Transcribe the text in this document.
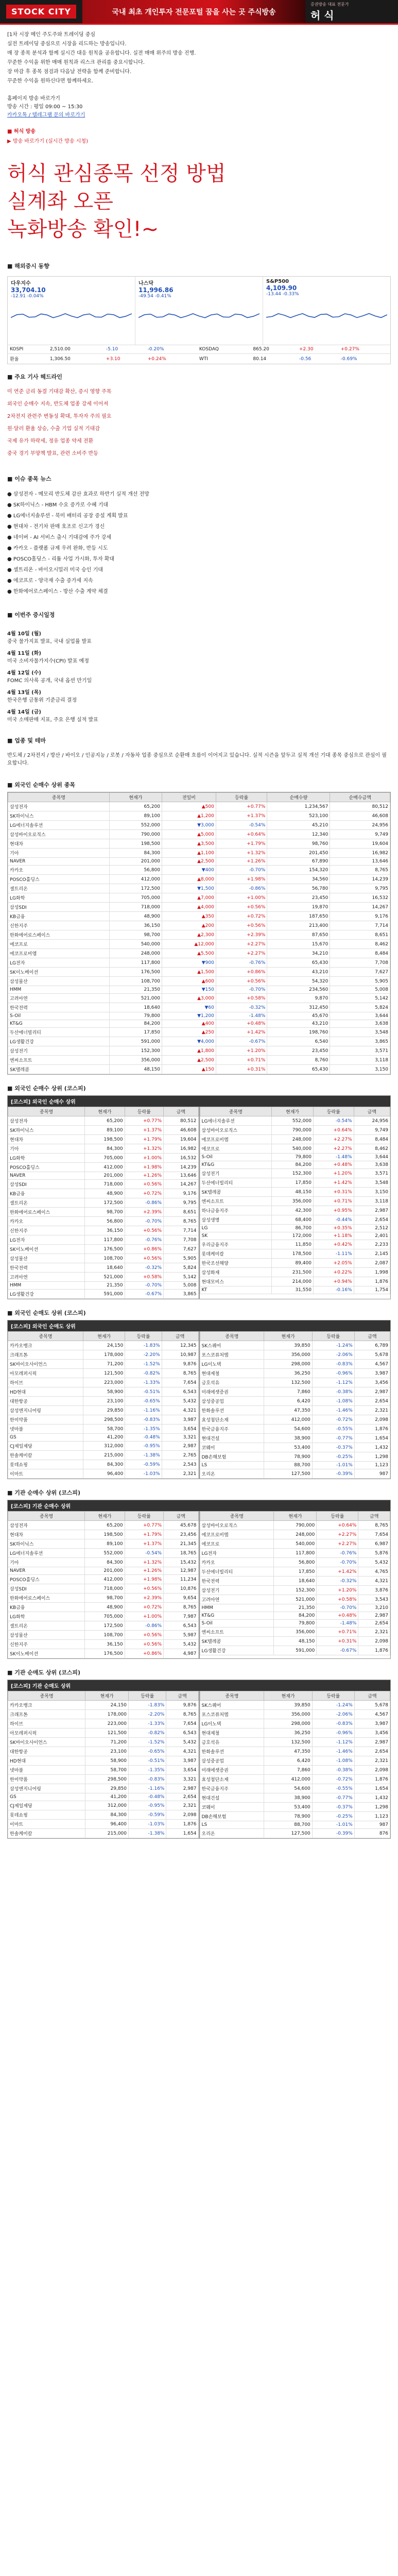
STOCK CITY	국내 최초 개인투자 전문포털 꿈을 사는 곳 주식방송
증권방송 대표 전문가
허 식

[1차 시장 메인 주도주와 트레이딩 중심

실전 트레이딩 중심으로 시장을 리드하는 방송입니다.

매 장 종목 분석과 함께 실시간 대응 원칙을 공유합니다. 실전 매매 위주의 방송 진행.

꾸준한 수익을 위한 매매 원칙과 리스크 관리를 중요시합니다.

장 마감 후 종목 점검과 다음날 전략을 함께 준비합니다.

꾸준한 수익을 원하신다면 함께하세요.

홈페이지 방송 바로가기

방송 시간 : 평일 09:00 ~ 15:30

카카오톡 / 텔레그램 문의 바로가기
■ 허식 방송
▶ 방송 바로가기 (실시간 방송 시청)
허식 관심종목 선정 방법
실계좌 오픈
녹화방송 확인!~
■ 해외증시 동향
다우지수
33,704.10
-12.91 -0.04%
나스닥
11,996.86
-49.54 -0.41%
S&P500
4,109.90
-13.44 -0.33%
KOSPI	2,510.00	-5.10	-0.20%	KOSDAQ	865.20	+2.30	+0.27%
환율	1,306.50	+3.10	+0.24%	WTI	80.14	-0.56	-0.69%
■ 주요 기사 헤드라인

미 연준 금리 동결 기대감 확산, 증시 영향 주목

외국인 순매수 지속, 반도체 업종 강세 이어져

2차전지 관련주 변동성 확대, 투자자 주의 필요

원·달러 환율 상승, 수출 기업 실적 기대감

국제 유가 하락세, 정유 업종 약세 전환

중국 경기 부양책 발표, 관련 소비주 반등

■ 이슈 종목 뉴스

● 삼성전자 - 메모리 반도체 감산 효과로 하반기 실적 개선 전망

● SK하이닉스 - HBM 수요 증가로 수혜 기대

● LG에너지솔루션 - 북미 배터리 공장 증설 계획 발표

● 현대차 - 전기차 판매 호조로 신고가 경신

● 네이버 - AI 서비스 출시 기대감에 주가 강세

● 카카오 - 플랫폼 규제 우려 완화, 반등 시도

● POSCO홀딩스 - 리튬 사업 가시화, 투자 확대

● 셀트리온 - 바이오시밀러 미국 승인 기대

● 에코프로 - 양극재 수출 증가세 지속

● 한화에어로스페이스 - 방산 수출 계약 체결

■ 이번주 증시일정
4월 10일 (월)
중국 물가지표 발표, 국내 실업률 발표
4월 11일 (화)
미국 소비자물가지수(CPI) 발표 예정
4월 12일 (수)
FOMC 의사록 공개, 국내 옵션 만기일
4월 13일 (목)
한국은행 금통위 기준금리 결정
4월 14일 (금)
미국 소매판매 지표, 주요 은행 실적 발표
■ 업종 및 테마
반도체 / 2차전지 / 방산 / 바이오 / 인공지능 / 로봇 / 자동차 업종 중심으로 순환매 흐름이 이어지고 있습니다. 실적 시즌을 앞두고 실적 개선 기대 종목 중심으로 관심이 필요합니다.
■ 외국인 순매수 상위 종목
종목명	현재가	전일비	등락률	순매수량	순매수금액
삼성전자	65,200	▲500	+0.77%	1,234,567	80,512
SK하이닉스	89,100	▲1,200	+1.37%	523,100	46,608
LG에너지솔루션	552,000	▼3,000	-0.54%	45,210	24,956
삼성바이오로직스	790,000	▲5,000	+0.64%	12,340	9,749
현대차	198,500	▲3,500	+1.79%	98,760	19,604
기아	84,300	▲1,100	+1.32%	201,450	16,982
NAVER	201,000	▲2,500	+1.26%	67,890	13,646
카카오	56,800	▼400	-0.70%	154,320	8,765
POSCO홀딩스	412,000	▲8,000	+1.98%	34,560	14,239
셀트리온	172,500	▼1,500	-0.86%	56,780	9,795
LG화학	705,000	▲7,000	+1.00%	23,450	16,532
삼성SDI	718,000	▲4,000	+0.56%	19,870	14,267
KB금융	48,900	▲350	+0.72%	187,650	9,176
신한지주	36,150	▲200	+0.56%	213,400	7,714
한화에어로스페이스	98,700	▲2,300	+2.39%	87,650	8,651
에코프로	540,000	▲12,000	+2.27%	15,670	8,462
에코프로비엠	248,000	▲5,500	+2.27%	34,210	8,484
LG전자	117,800	▼900	-0.76%	65,430	7,708
SK이노베이션	176,500	▲1,500	+0.86%	43,210	7,627
삼성물산	108,700	▲600	+0.56%	54,320	5,905
HMM	21,350	▼150	-0.70%	234,560	5,008
고려아연	521,000	▲3,000	+0.58%	9,870	5,142
한국전력	18,640	▼60	-0.32%	312,450	5,824
S-Oil	79,800	▼1,200	-1.48%	45,670	3,644
KT&G	84,200	▲400	+0.48%	43,210	3,638
두산에너빌리티	17,850	▲250	+1.42%	198,760	3,548
LG생활건강	591,000	▼4,000	-0.67%	6,540	3,865
삼성전기	152,300	▲1,800	+1.20%	23,450	3,571
엔씨소프트	356,000	▲2,500	+0.71%	8,760	3,118
SK텔레콤	48,150	▲150	+0.31%	65,430	3,150
■ 외국인 순매수 상위 (코스피)
[코스피] 외국인 순매수 상위
종목명	현재가	등락률	금액
삼성전자	65,200	+0.77%	80,512
SK하이닉스	89,100	+1.37%	46,608
현대차	198,500	+1.79%	19,604
기아	84,300	+1.32%	16,982
LG화학	705,000	+1.00%	16,532
POSCO홀딩스	412,000	+1.98%	14,239
NAVER	201,000	+1.26%	13,646
삼성SDI	718,000	+0.56%	14,267
KB금융	48,900	+0.72%	9,176
셀트리온	172,500	-0.86%	9,795
한화에어로스페이스	98,700	+2.39%	8,651
카카오	56,800	-0.70%	8,765
신한지주	36,150	+0.56%	7,714
LG전자	117,800	-0.76%	7,708
SK이노베이션	176,500	+0.86%	7,627
삼성물산	108,700	+0.56%	5,905
한국전력	18,640	-0.32%	5,824
고려아연	521,000	+0.58%	5,142
HMM	21,350	-0.70%	5,008
LG생활건강	591,000	-0.67%	3,865
종목명	현재가	등락률	금액
LG에너지솔루션	552,000	-0.54%	24,956
삼성바이오로직스	790,000	+0.64%	9,749
에코프로비엠	248,000	+2.27%	8,484
에코프로	540,000	+2.27%	8,462
S-Oil	79,800	-1.48%	3,644
KT&G	84,200	+0.48%	3,638
삼성전기	152,300	+1.20%	3,571
두산에너빌리티	17,850	+1.42%	3,548
SK텔레콤	48,150	+0.31%	3,150
엔씨소프트	356,000	+0.71%	3,118
하나금융지주	42,300	+0.95%	2,987
삼성생명	68,400	-0.44%	2,654
LG	86,700	+0.35%	2,512
SK	172,000	+1.18%	2,401
우리금융지주	11,850	+0.42%	2,233
롯데케미칼	178,500	-1.11%	2,145
한국조선해양	89,400	+2.05%	2,087
삼성화재	231,500	+0.22%	1,998
현대모비스	214,000	+0.94%	1,876
KT	31,550	-0.16%	1,754
■ 외국인 순매도 상위 (코스피)
[코스피] 외국인 순매도 상위
종목명	현재가	등락률	금액
카카오뱅크	24,150	-1.83%	12,345
크래프톤	178,000	-2.20%	10,987
SK바이오사이언스	71,200	-1.52%	9,876
아모레퍼시픽	121,500	-0.82%	8,765
하이브	223,000	-1.33%	7,654
HD현대	58,900	-0.51%	6,543
대한항공	23,100	-0.65%	5,432
삼성엔지니어링	29,850	-1.16%	4,321
한미약품	298,500	-0.83%	3,987
넷마블	58,700	-1.35%	3,654
GS	41,200	-0.48%	3,321
CJ제일제당	312,000	-0.95%	2,987
한솔케미칼	215,000	-1.38%	2,765
롯데쇼핑	84,300	-0.59%	2,543
이마트	96,400	-1.03%	2,321
종목명	현재가	등락률	금액
SK스퀘어	39,850	-1.24%	6,789
포스코퓨처엠	356,000	-2.06%	5,678
LG이노텍	298,000	-0.83%	4,567
현대제철	36,250	-0.96%	3,987
금호석유	132,500	-1.12%	3,456
미래에셋증권	7,860	-0.38%	2,987
삼성중공업	6,420	-1.08%	2,654
한화솔루션	47,350	-1.46%	2,321
효성첨단소재	412,000	-0.72%	2,098
한국금융지주	54,600	-0.55%	1,876
현대건설	38,900	-0.77%	1,654
코웨이	53,400	-0.37%	1,432
DB손해보험	78,900	-0.25%	1,298
LS	88,700	-1.01%	1,123
오리온	127,500	-0.39%	987
■ 기관 순매수 상위 (코스피)
[코스피] 기관 순매수 상위
종목명	현재가	등락률	금액
삼성전자	65,200	+0.77%	45,678
현대차	198,500	+1.79%	23,456
SK하이닉스	89,100	+1.37%	21,345
LG에너지솔루션	552,000	-0.54%	18,765
기아	84,300	+1.32%	15,432
NAVER	201,000	+1.26%	12,987
POSCO홀딩스	412,000	+1.98%	11,234
삼성SDI	718,000	+0.56%	10,876
한화에어로스페이스	98,700	+2.39%	9,654
KB금융	48,900	+0.72%	8,765
LG화학	705,000	+1.00%	7,987
셀트리온	172,500	-0.86%	6,543
삼성물산	108,700	+0.56%	5,987
신한지주	36,150	+0.56%	5,432
SK이노베이션	176,500	+0.86%	4,987
종목명	현재가	등락률	금액
삼성바이오로직스	790,000	+0.64%	8,765
에코프로비엠	248,000	+2.27%	7,654
에코프로	540,000	+2.27%	6,987
LG전자	117,800	-0.76%	5,876
카카오	56,800	-0.70%	5,432
두산에너빌리티	17,850	+1.42%	4,765
한국전력	18,640	-0.32%	4,321
삼성전기	152,300	+1.20%	3,876
고려아연	521,000	+0.58%	3,543
HMM	21,350	-0.70%	3,210
KT&G	84,200	+0.48%	2,987
S-Oil	79,800	-1.48%	2,654
엔씨소프트	356,000	+0.71%	2,321
SK텔레콤	48,150	+0.31%	2,098
LG생활건강	591,000	-0.67%	1,876
■ 기관 순매도 상위 (코스피)
[코스피] 기관 순매도 상위
종목명	현재가	등락률	금액
카카오뱅크	24,150	-1.83%	9,876
크래프톤	178,000	-2.20%	8,765
하이브	223,000	-1.33%	7,654
아모레퍼시픽	121,500	-0.82%	6,543
SK바이오사이언스	71,200	-1.52%	5,432
대한항공	23,100	-0.65%	4,321
HD현대	58,900	-0.51%	3,987
넷마블	58,700	-1.35%	3,654
한미약품	298,500	-0.83%	3,321
삼성엔지니어링	29,850	-1.16%	2,987
GS	41,200	-0.48%	2,654
CJ제일제당	312,000	-0.95%	2,321
롯데쇼핑	84,300	-0.59%	2,098
이마트	96,400	-1.03%	1,876
한솔케미칼	215,000	-1.38%	1,654
종목명	현재가	등락률	금액
SK스퀘어	39,850	-1.24%	5,678
포스코퓨처엠	356,000	-2.06%	4,567
LG이노텍	298,000	-0.83%	3,987
현대제철	36,250	-0.96%	3,456
금호석유	132,500	-1.12%	2,987
한화솔루션	47,350	-1.46%	2,654
삼성중공업	6,420	-1.08%	2,321
미래에셋증권	7,860	-0.38%	2,098
효성첨단소재	412,000	-0.72%	1,876
한국금융지주	54,600	-0.55%	1,654
현대건설	38,900	-0.77%	1,432
코웨이	53,400	-0.37%	1,298
DB손해보험	78,900	-0.25%	1,123
LS	88,700	-1.01%	987
오리온	127,500	-0.39%	876
